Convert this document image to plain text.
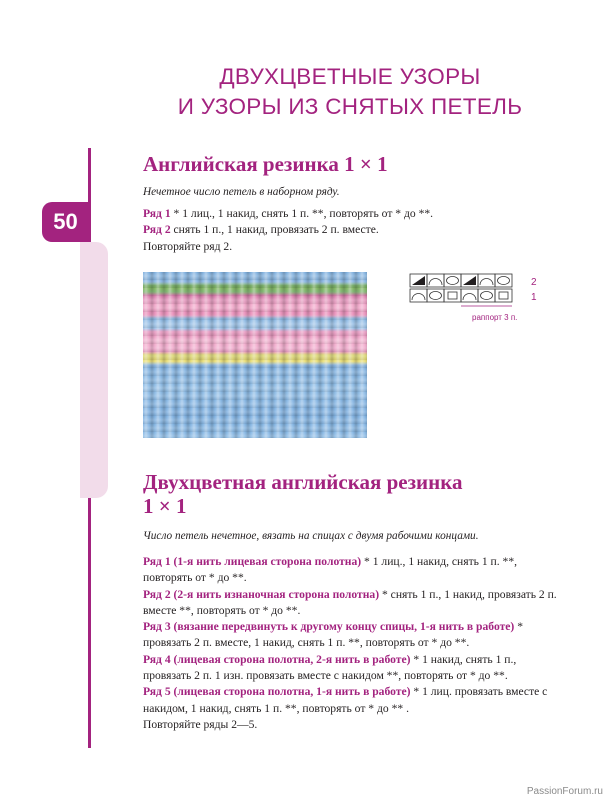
50
ДВУХЦВЕТНЫЕ УЗОРЫ
И УЗОРЫ ИЗ СНЯТЫХ ПЕТЕЛЬ
Английская резинка 1 × 1
Нечетное число петель в наборном ряду.

Ряд 1 * 1 лиц., 1 накид, снять 1 п. **, повторять от * до **.

Ряд 2 снять 1 п., 1 накид, провязать 2 п. вместе.

Повторяйте ряд 2.

2
1
раппорт 3 п.
Двухцветная английская резинка 1 × 1
Число петель нечетное, вязать на спицах с двумя рабочими концами.

Ряд 1 (1-я нить лицевая сторона полотна) * 1 лиц., 1 накид, снять 1 п. **, повторять от * до **.

Ряд 2 (2-я нить изнаночная сторона полотна) * снять 1 п., 1 накид, провязать 2 п. вместе **, повторять от * до **.

Ряд 3 (вязание передвинуть к другому концу спицы, 1-я нить в работе) * провязать 2 п. вместе, 1 накид, снять 1 п. **, повторять от * до **.

Ряд 4 (лицевая сторона полотна, 2-я нить в работе) * 1 накид, снять 1 п., провязать 2 п. 1 изн. провязать вместе с накидом **, повторять от * до **.

Ряд 5 (лицевая сторона полотна, 1-я нить в работе) * 1 лиц. провязать вместе с накидом, 1 накид, снять 1 п. **, повторять от * до ** .

Повторяйте ряды 2—5.

PassionForum.ru
